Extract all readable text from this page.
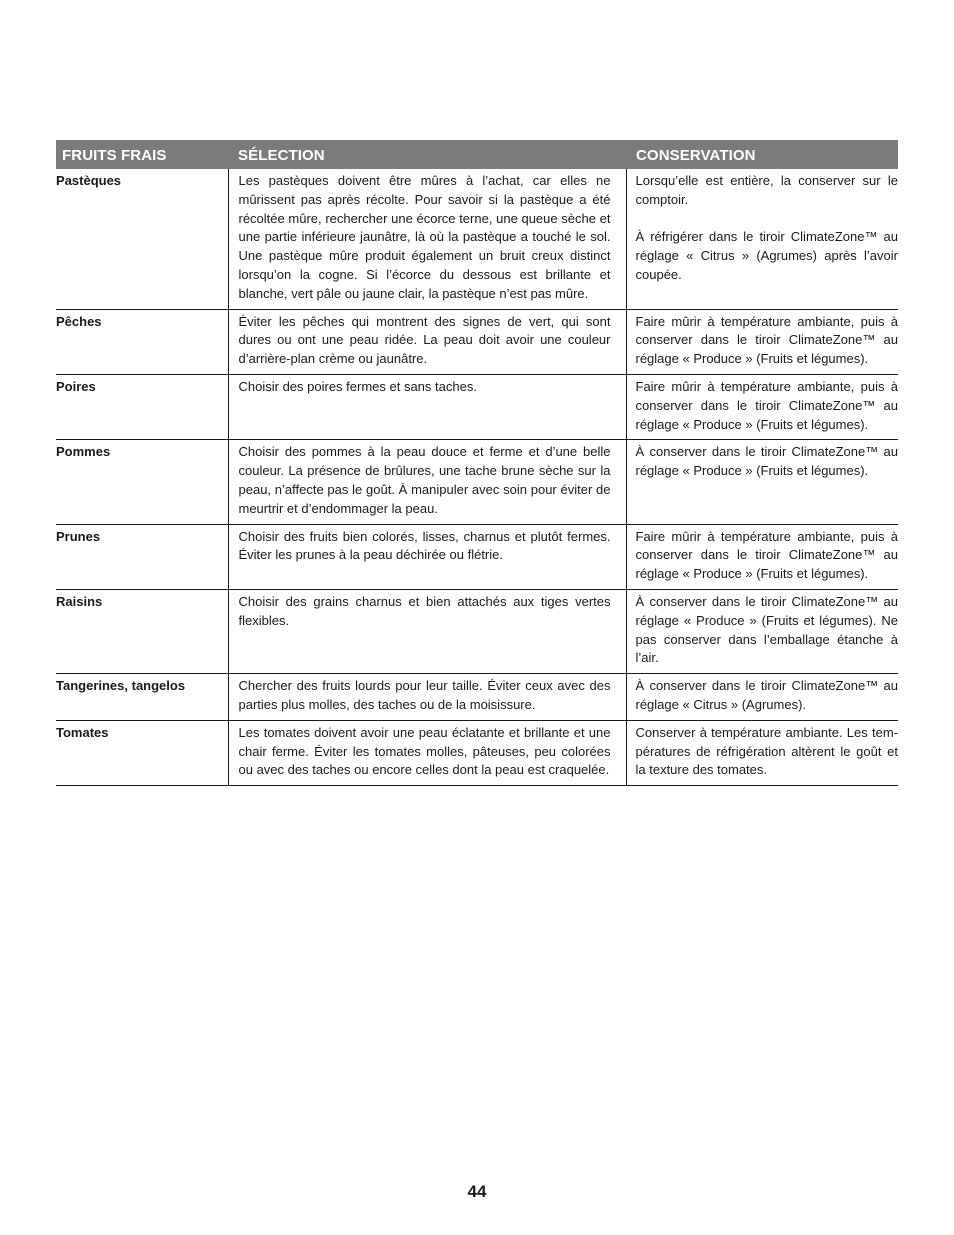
FRUITS FRAIS	SÉLECTION	CONSERVATION
Pastèques	Les pastèques doivent être mûres à l’achat, car elles ne mûrissent pas après récolte. Pour savoir si la pastèque a été récoltée mûre, rechercher une écorce terne, une queue sèche et une partie inférieure jaunâtre, là où la pastèque a touché le sol. Une pastèque mûre produit également un bruit creux distinct lorsqu’on la cogne. Si l’écorce du dessous est brillante et blanche, vert pâle ou jaune clair, la pastèque n’est pas mûre.	Lorsqu’elle est entière, la conserver sur le comptoir.

À réfrigérer dans le tiroir ClimateZone™ au réglage « Citrus » (Agrumes) après l’avoir coupée.

Pêches	Éviter les pêches qui montrent des signes de vert, qui sont dures ou ont une peau ridée. La peau doit avoir une couleur d’arrière-plan crème ou jaunâtre.	Faire mûrir à température ambiante, puis à conserver dans le tiroir ClimateZone™ au réglage « Produce » (Fruits et légumes).

Poires	Choisir des poires fermes et sans taches.	Faire mûrir à température ambiante, puis à conserver dans le tiroir ClimateZone™ au réglage « Produce » (Fruits et légumes).

Pommes	Choisir des pommes à la peau douce et ferme et d’une belle couleur. La présence de brûlures, une tache brune sèche sur la peau, n’affecte pas le goût. À manipuler avec soin pour éviter de meurtrir et d’endommager la peau.	À conserver dans le tiroir ClimateZone™ au réglage « Produce » (Fruits et légumes).

Prunes	Choisir des fruits bien colorés, lisses, charnus et plutôt fermes. Éviter les prunes à la peau déchirée ou flétrie.	Faire mûrir à température ambiante, puis à conserver dans le tiroir ClimateZone™ au réglage « Produce » (Fruits et légumes).

Raisins	Choisir des grains charnus et bien attachés aux tiges vertes flexibles.	À conserver dans le tiroir ClimateZone™ au réglage « Produce » (Fruits et légumes). Ne pas conserver dans l’emballage étanche à l’air.

Tangerines, tangelos	Chercher des fruits lourds pour leur taille. Éviter ceux avec des parties plus molles, des taches ou de la moisissure.	À conserver dans le tiroir ClimateZone™ au réglage « Citrus » (Agrumes).

Tomates	Les tomates doivent avoir une peau éclatante et brillante et une chair ferme. Éviter les tomates molles, pâteuses, peu colorées ou avec des taches ou encore celles dont la peau est craquelée.	Conserver à température ambiante. Les tem-pératures de réfrigération altèrent le goût et la texture des tomates.

44
